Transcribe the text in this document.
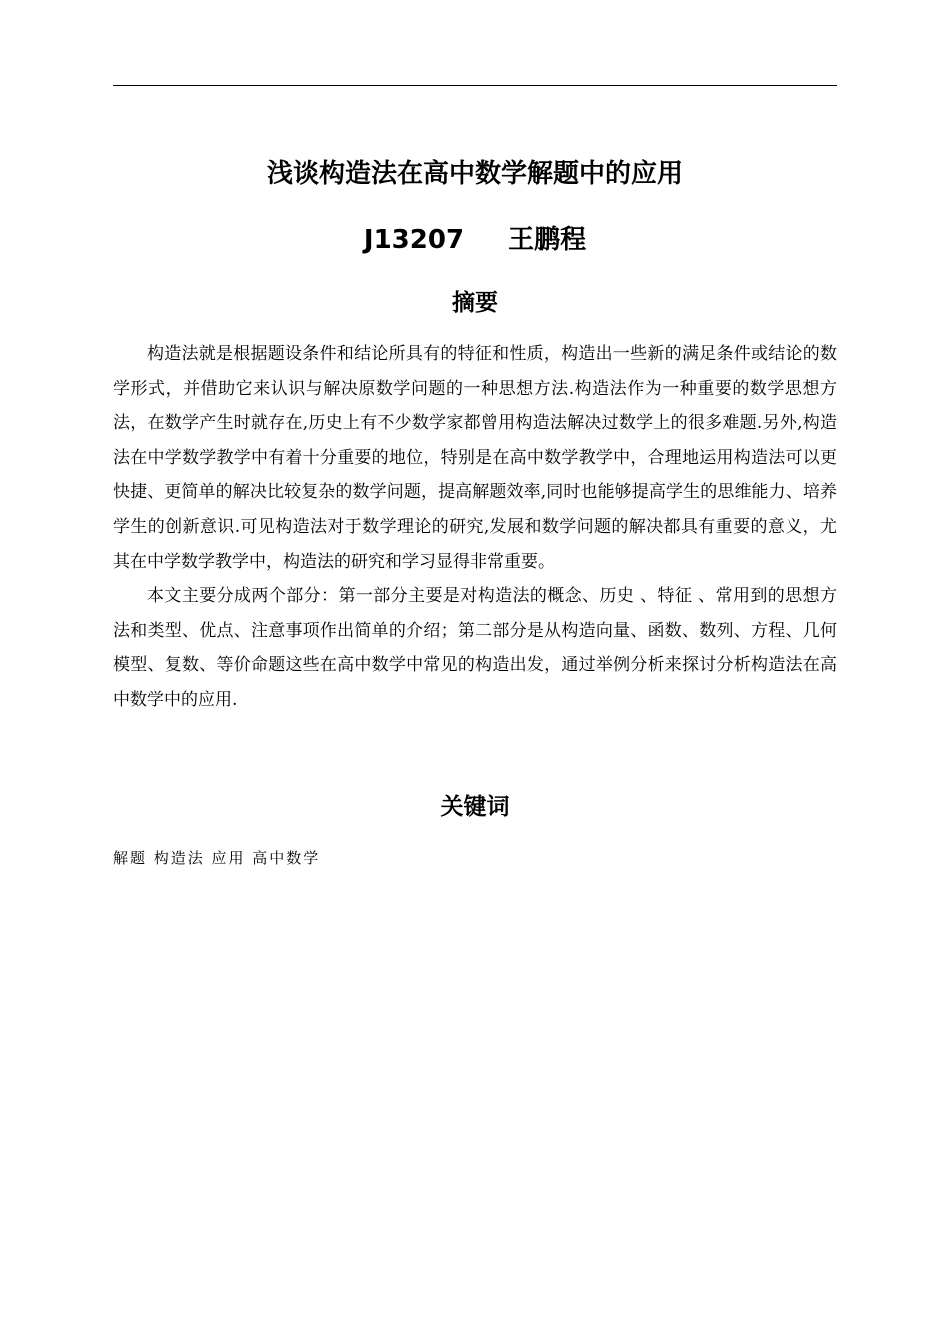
浅谈构造法在高中数学解题中的应用
J13207 王鹏程
摘要

构造法就是根据题设条件和结论所具有的特征和性质，构造出一些新的满足条件或结论的数学形式，并借助它来认识与解决原数学问题的一种思想方法.构造法作为一种重要的数学思想方法，在数学产生时就存在,历史上有不少数学家都曾用构造法解决过数学上的很多难题.另外,构造法在中学数学教学中有着十分重要的地位，特别是在高中数学教学中，合理地运用构造法可以更快捷、更简单的解决比较复杂的数学问题，提高解题效率,同时也能够提高学生的思维能力、培养学生的创新意识.可见构造法对于数学理论的研究,发展和数学问题的解决都具有重要的意义，尤其在中学数学教学中，构造法的研究和学习显得非常重要。

本文主要分成两个部分：第一部分主要是对构造法的概念、历史 、特征 、常用到的思想方法和类型、优点、注意事项作出简单的介绍；第二部分是从构造向量、函数、数列、方程、几何模型、复数、等价命题这些在高中数学中常见的构造出发，通过举例分析来探讨分析构造法在高中数学中的应用.

关键词

解题 构造法 应用 高中数学
